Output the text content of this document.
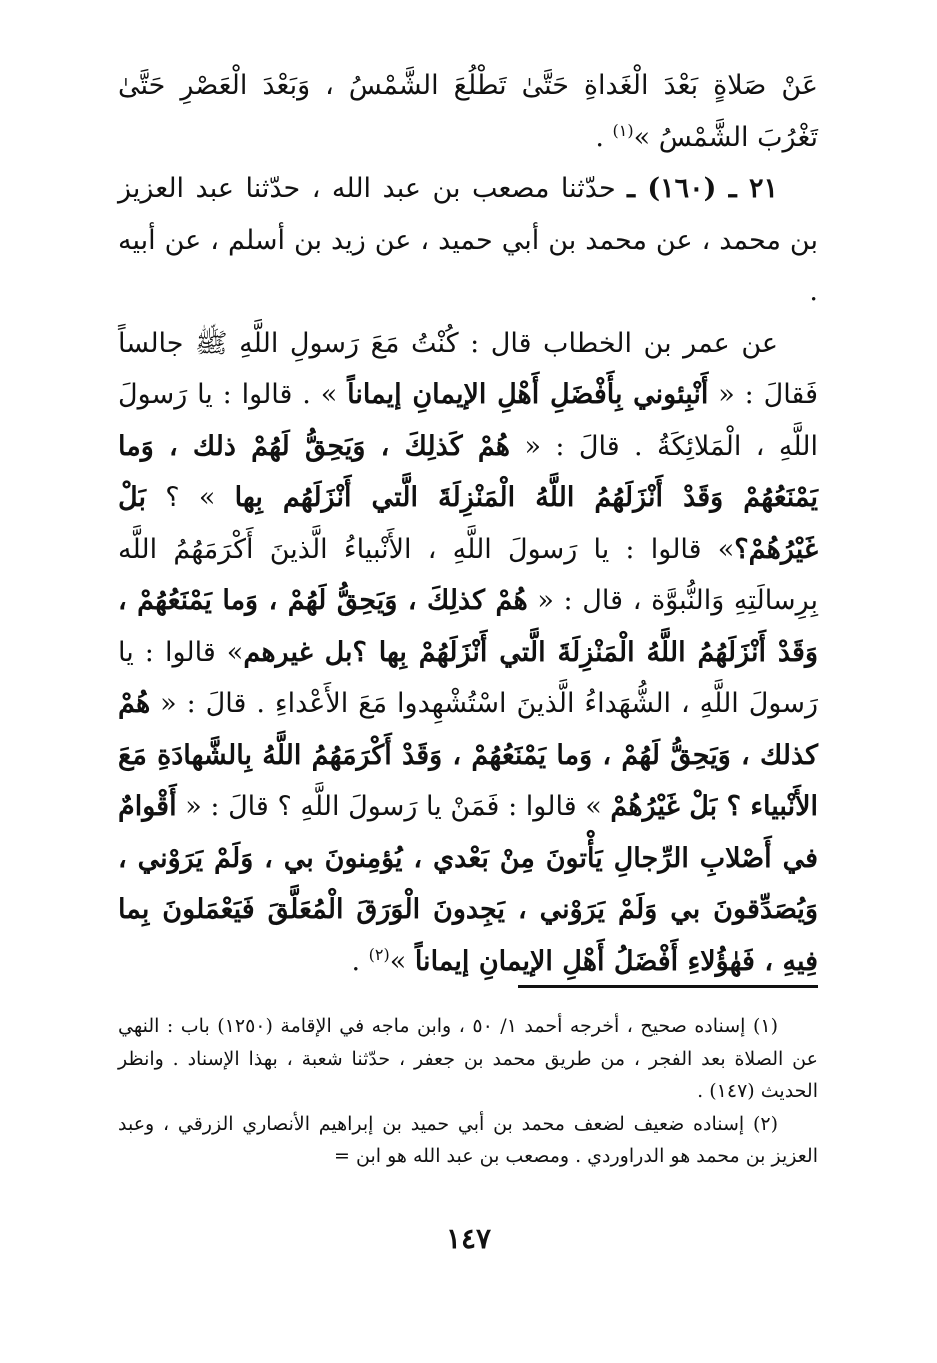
عَنْ صَلاةٍ بَعْدَ الْغَداةِ حَتَّىٰ تَطْلُعَ الشَّمْسُ ، وَبَعْدَ الْعَصْرِ حَتَّىٰ تَغْرُبَ الشَّمْسُ »$^{(١)}$ .

٢١ ـ (١٦٠) ـ حدّثنا مصعب بن عبد الله ، حدّثنا عبد العزيز بن محمد ، عن محمد بن أبي حميد ، عن زيد بن أسلم ، عن أبيه .

عن عمر بن الخطاب قال : كُنْتُ مَعَ رَسولِ اللَّهِ ﷺ جالساً فَقالَ : « أَنْبِئوني بِأَفْضَلِ أَهْلِ الإيمانِ إيماناً » . قالوا : يا رَسولَ اللَّهِ ، الْمَلائِكَةُ . قالَ : « هُمْ كَذلِكَ ، وَيَحِقُّ لَهُمْ ذلك ، وَما يَمْنَعُهُمْ وَقَدْ أَنْزَلَهُمُ اللَّهُ الْمَنْزِلَةَ الَّتي أَنْزَلَهُم بِها » ؟ بَلْ غَيْرُهُمْ؟» قالوا : يا رَسولَ اللَّهِ ، الأَنْبياءُ الَّذينَ أَكْرَمَهُمُ اللَّه بِرِسالَتِهِ وَالنُّبوَّة ، قال : « هُمْ كذلِكَ ، وَيَحِقُّ لَهُمْ ، وَما يَمْنَعُهُمْ ، وَقَدْ أَنْزَلَهُمُ اللَّهُ الْمَنْزِلَةَ الَّتي أَنْزَلَهُمْ بِها ؟بل غيرهم» قالوا : يا رَسولَ اللَّهِ ، الشُّهَداءُ الَّذينَ اسْتُشْهِدوا مَعَ الأَعْداءِ . قالَ : « هُمْ كذلك ، وَيَحِقُّ لَهُمْ ، وَما يَمْنَعُهُمْ ، وَقَدْ أَكْرَمَهُمُ اللَّهُ بِالشَّهادَةِ مَعَ الأَنْبياء ؟ بَلْ غَيْرُهُمْ » قالوا : فَمَنْ يا رَسولَ اللَّهِ ؟ قالَ : « أَقْوامٌ في أَصْلابِ الرِّجالِ يَأْتونَ مِنْ بَعْدي ، يُؤمِنونَ بي ، وَلَمْ يَرَوْني ، وَيُصَدِّقونَ بي وَلَمْ يَرَوْني ، يَجِدونَ الْوَرَقَ الْمُعَلَّقَ فَيَعْمَلونَ بِما فِيهِ ، فَهٰؤُلاءِ أَفْضَلُ أَهْلِ الإيمانِ إيماناً »$^{(٢)}$ .

(١) إسناده صحيح ، أخرجه أحمد ١/ ٥٠ ، وابن ماجه في الإقامة (١٢٥٠) باب : النهي عن الصلاة بعد الفجر ، من طريق محمد بن جعفر ، حدّثنا شعبة ، بهذا الإسناد . وانظر الحديث (١٤٧) .

(٢) إسناده ضعيف لضعف محمد بن أبي حميد بن إبراهيم الأنصاري الزرقي ، وعبد العزيز بن محمد هو الدراوردي . ومصعب بن عبد الله هو ابن =

١٤٧
